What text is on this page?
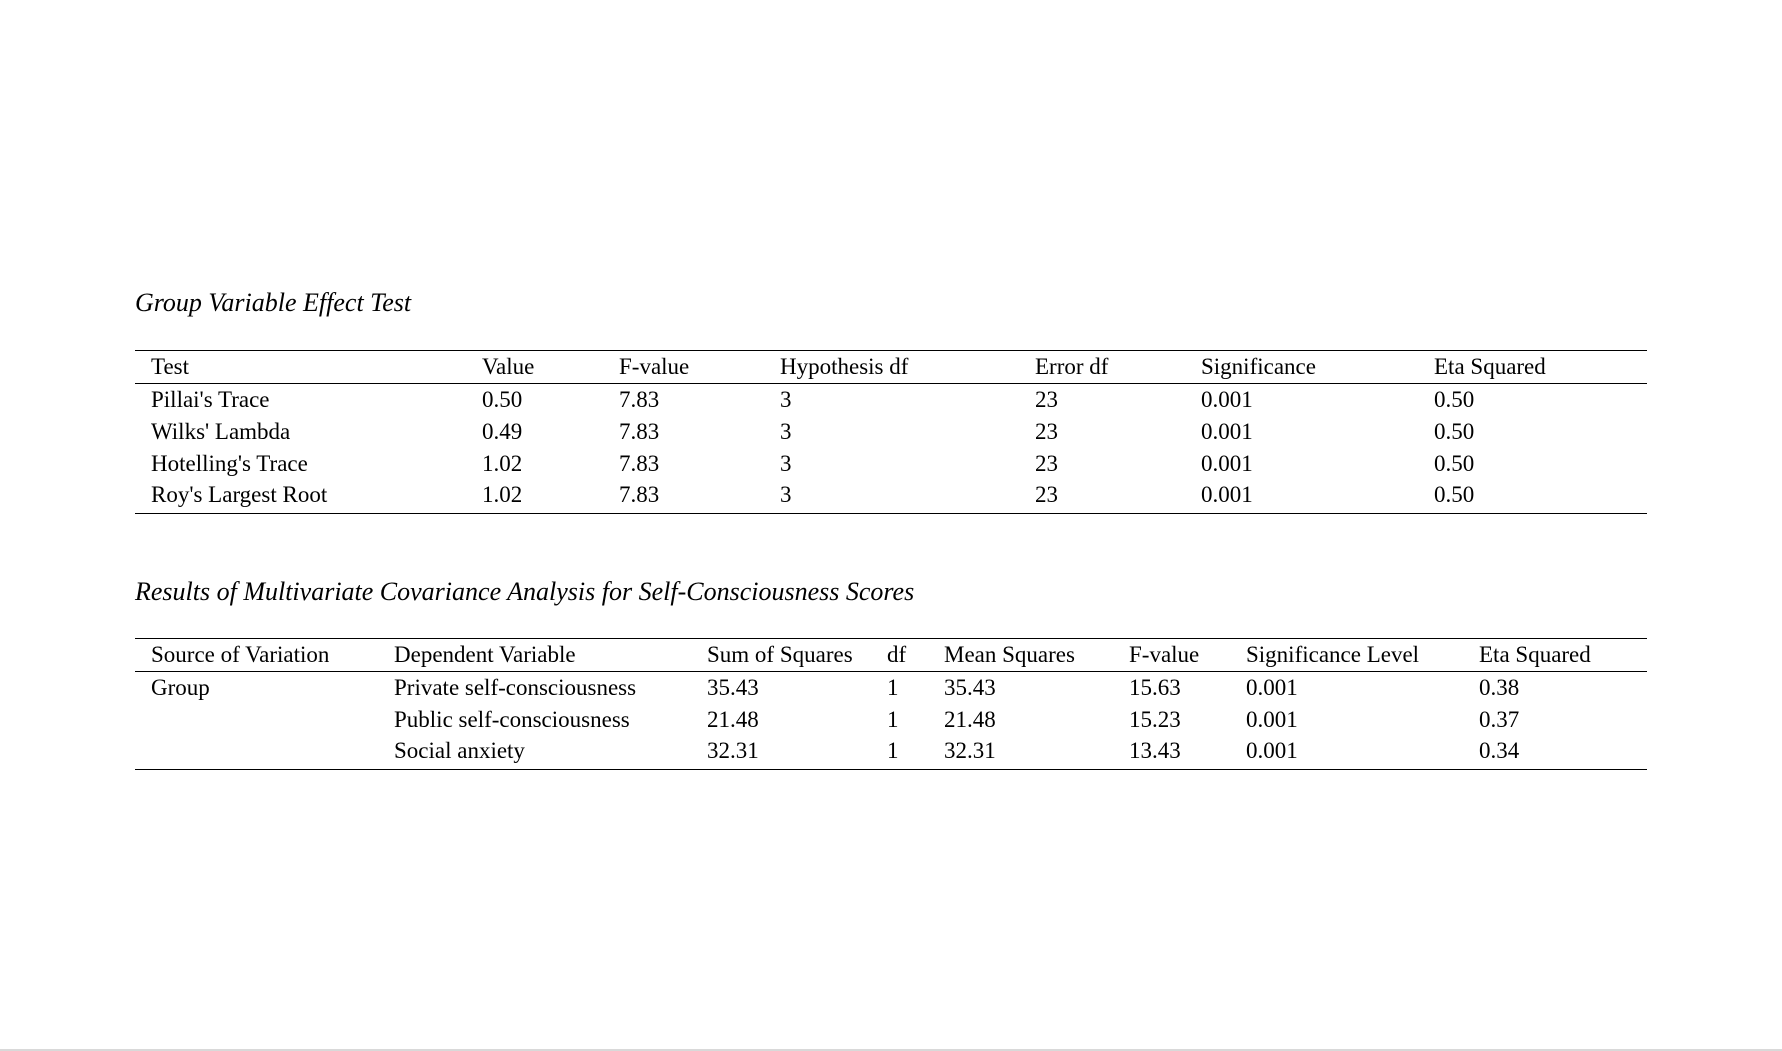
Group Variable Effect Test
Test	Value	F-value	Hypothesis df	Error df	Significance	Eta Squared
Pillai's Trace	0.50	7.83	3	23	0.001	0.50
Wilks' Lambda	0.49	7.83	3	23	0.001	0.50
Hotelling's Trace	1.02	7.83	3	23	0.001	0.50
Roy's Largest Root	1.02	7.83	3	23	0.001	0.50
Results of Multivariate Covariance Analysis for Self-Consciousness Scores
Source of Variation	Dependent Variable	Sum of Squares	df	Mean Squares	F-value	Significance Level	Eta Squared
Group	Private self-consciousness	35.43	1	35.43	15.63	0.001	0.38
	Public self-consciousness	21.48	1	21.48	15.23	0.001	0.37
	Social anxiety	32.31	1	32.31	13.43	0.001	0.34
